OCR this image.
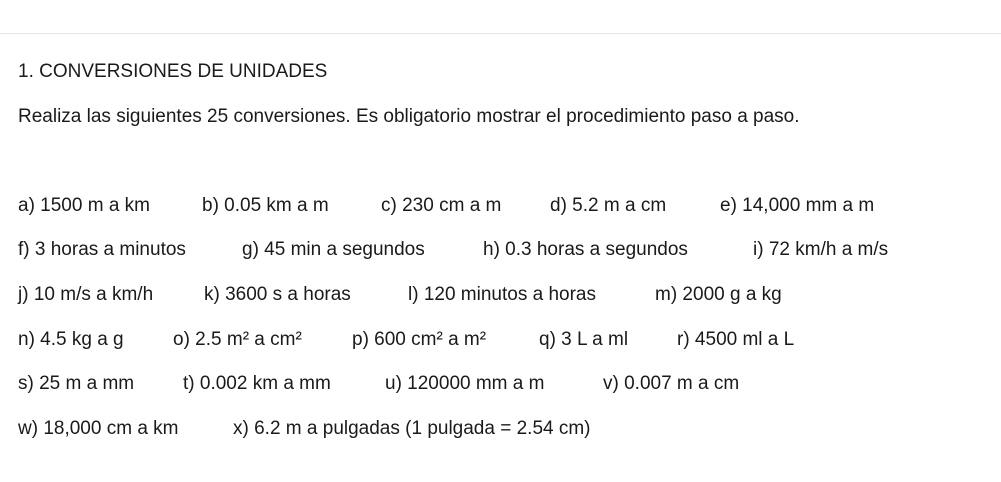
1. CONVERSIONES DE UNIDADES
Realiza las siguientes 25 conversiones. Es obligatorio mostrar el procedimiento paso a paso.
a) 1500 m a km	b) 0.05 km a m	c) 230 cm a m	d) 5.2 m a cm	e) 14,000 mm a m
f) 3 horas a minutos	g) 45 min a segundos	h) 0.3 horas a segundos	i) 72 km/h a m/s
j) 10 m/s a km/h	k) 3600 s a horas	l) 120 minutos a horas	m) 2000 g a kg
n) 4.5 kg a g	o) 2.5 m² a cm²	p) 600 cm² a m²	q) 3 L a ml	r) 4500 ml a L
s) 25 m a mm	t) 0.002 km a mm	u) 120000 mm a m	v) 0.007 m a cm
w) 18,000 cm a km	x) 6.2 m a pulgadas (1 pulgada = 2.54 cm)
